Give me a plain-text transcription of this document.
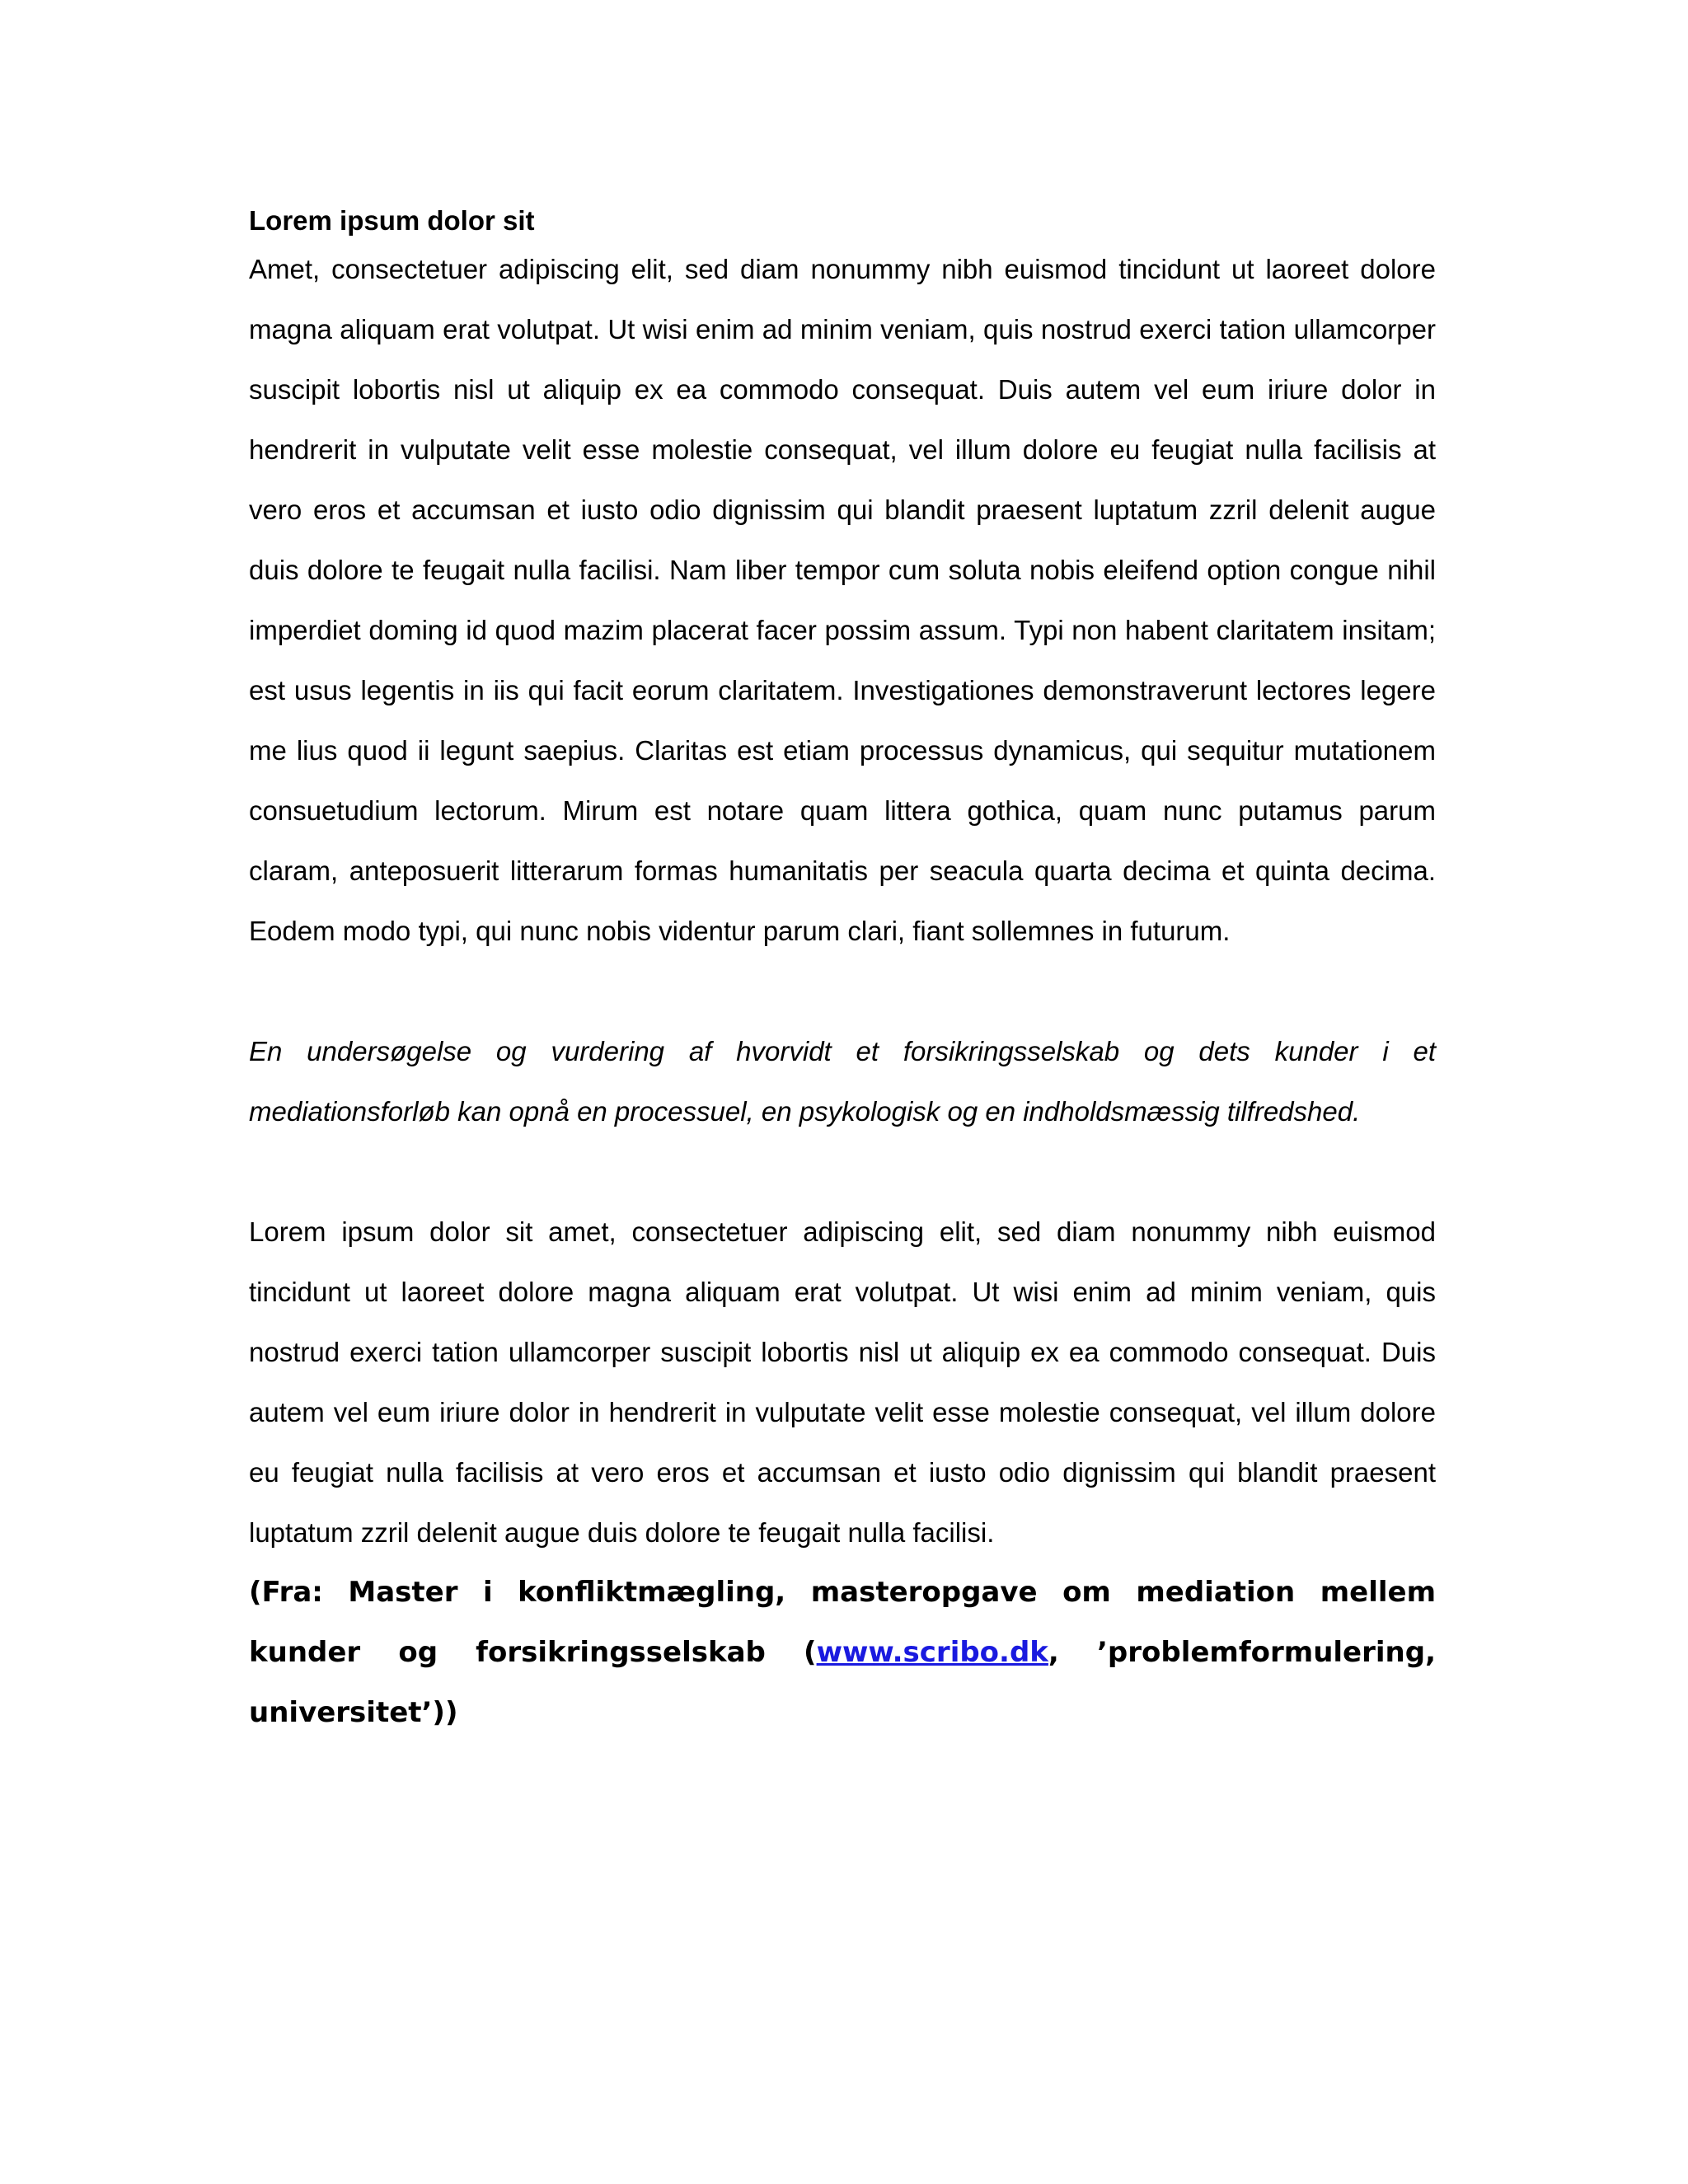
Lorem ipsum dolor sit

Amet, consectetuer adipiscing elit, sed diam nonummy nibh euismod tincidunt ut laoreet dolore magna aliquam erat volutpat. Ut wisi enim ad minim veniam, quis nostrud exerci tation ullamcorper suscipit lobortis nisl ut aliquip ex ea commodo consequat. Duis autem vel eum iriure dolor in hendrerit in vulputate velit esse molestie consequat, vel illum dolore eu feugiat nulla facilisis at vero eros et accumsan et iusto odio dignissim qui blandit praesent luptatum zzril delenit augue duis dolore te feugait nulla facilisi. Nam liber tempor cum soluta nobis eleifend option congue nihil imperdiet doming id quod mazim placerat facer possim assum. Typi non habent claritatem insitam; est usus legentis in iis qui facit eorum claritatem. Investigationes demonstraverunt lectores legere me lius quod ii legunt saepius. Claritas est etiam processus dynamicus, qui sequitur mutationem consuetudium lectorum. Mirum est notare quam littera gothica, quam nunc putamus parum claram, anteposuerit litterarum formas humanitatis per seacula quarta decima et quinta decima. Eodem modo typi, qui nunc nobis videntur parum clari, fiant sollemnes in futurum.

En undersøgelse og vurdering af hvorvidt et forsikringsselskab og dets kunder i et mediationsforløb kan opnå en processuel, en psykologisk og en indholdsmæssig tilfredshed.

Lorem ipsum dolor sit amet, consectetuer adipiscing elit, sed diam nonummy nibh euismod tincidunt ut laoreet dolore magna aliquam erat volutpat. Ut wisi enim ad minim veniam, quis nostrud exerci tation ullamcorper suscipit lobortis nisl ut aliquip ex ea commodo consequat. Duis autem vel eum iriure dolor in hendrerit in vulputate velit esse molestie consequat, vel illum dolore eu feugiat nulla facilisis at vero eros et accumsan et iusto odio dignissim qui blandit praesent luptatum zzril delenit augue duis dolore te feugait nulla facilisi.

(Fra: Master i konfliktmægling, masteropgave om mediation mellem kunder og forsikringsselskab (www.scribo.dk, ’problemformulering, universitet’))
